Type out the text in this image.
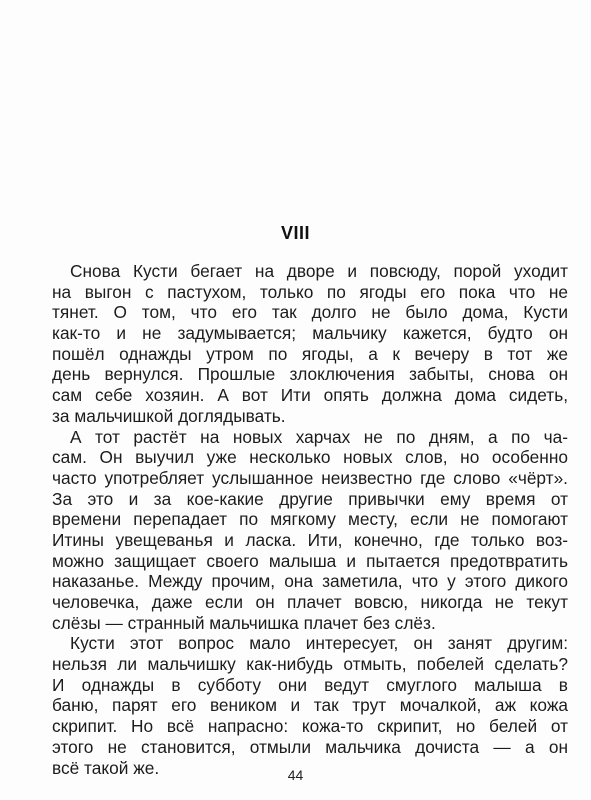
VIII
Снова Кусти бегает на дворе и повсюду, порой уходит
на выгон с пастухом, только по ягоды его пока что не
тянет. О том, что его так долго не было дома, Кусти
как-то и не задумывается; мальчику кажется, будто он
пошёл однажды утром по ягоды, а к вечеру в тот же
день вернулся. Прошлые злоключения забыты, снова он
сам себе хозяин. А вот Ити опять должна дома сидеть,
за мальчишкой доглядывать.
А тот растёт на новых харчах не по дням, а по ча-
сам. Он выучил уже несколько новых слов, но особенно
часто употребляет услышанное неизвестно где слово «чёрт».
За это и за кое-какие другие привычки ему время от
времени перепадает по мягкому месту, если не помогают
Итины увещеванья и ласка. Ити, конечно, где только воз-
можно защищает своего малыша и пытается предотвратить
наказанье. Между прочим, она заметила, что у этого дикого
человечка, даже если он плачет вовсю, никогда не текут
слёзы — странный мальчишка плачет без слёз.
Кусти этот вопрос мало интересует, он занят другим:
нельзя ли мальчишку как-нибудь отмыть, побелей сделать?
И однажды в субботу они ведут смуглого малыша в
баню, парят его веником и так трут мочалкой, аж кожа
скрипит. Но всё напрасно: кожа-то скрипит, но белей от
этого не становится, отмыли мальчика дочиста — а он
всё такой же.	44
